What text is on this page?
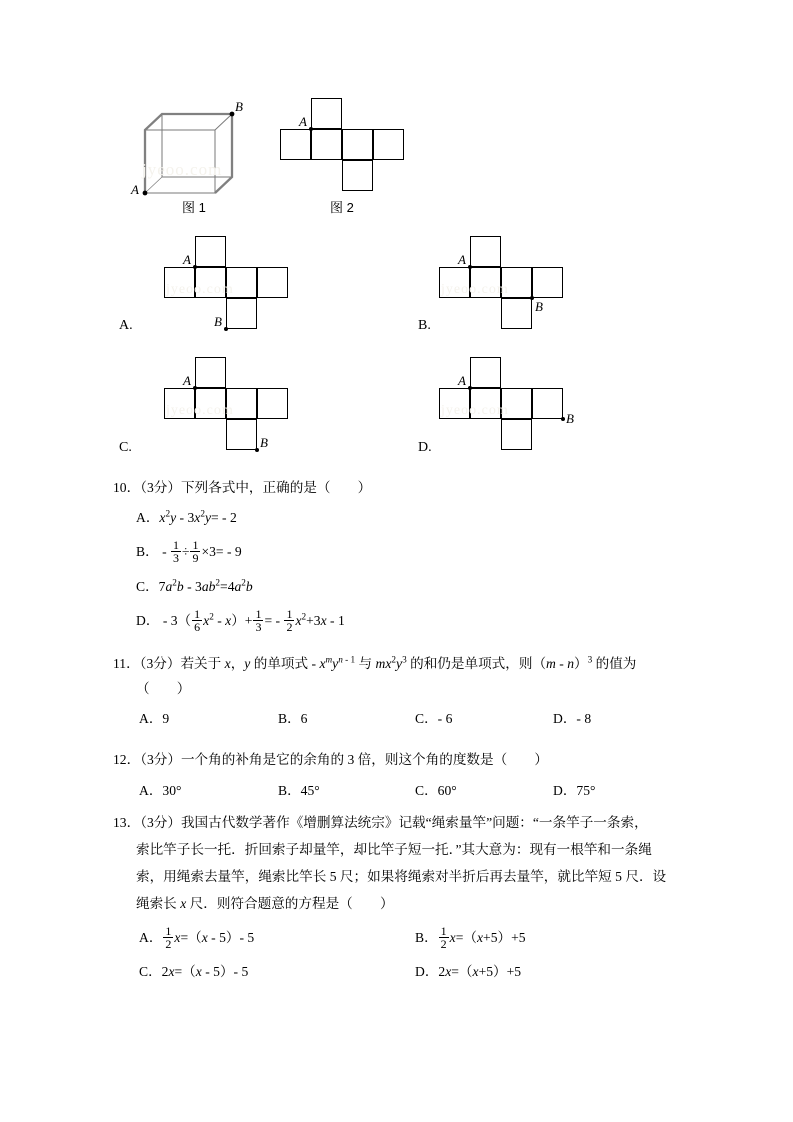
A
B
jyeoo.com
图 1
A
图 2
A.
A
B
jyeoo.com
B.
A
B
jyeoo.com
C.
A
B
jyeoo.com
D.
A
B
jyeoo.com
10．（3分）下列各式中，正确的是（　　）
A．$x^2y - 3x^2y= - 2$
B． - $\frac{1}{3} \div \frac{1}{9} \times 3= - 9$
C．$7a^2b - 3ab^2=4a^2b$
D． - $3( \frac{1}{6} x^2 - x)+ \frac{1}{3}$ = - $\frac{1}{2} x^2+3x - 1$
11．（3分）若关于 x，y 的单项式 - $x^my^{n - 1}$ 与 $mx^2y^3$ 的和仍是单项式，则（m - n）$^3$ 的值为
（　　）
A．9	B．6	C．- 6	D．- 8
12．（3分）一个角的补角是它的余角的 3 倍，则这个角的度数是（　　）
A．30°	B．45°	C．60°	D．75°
13．（3分）我国古代数学著作《增删算法统宗》记载“绳索量竿”问题：“一条竿子一条索，
索比竿子长一托．折回索子却量竿，却比竿子短一托．”其大意为：现有一根竿和一条绳
索，用绳索去量竿，绳索比竿长 5 尺；如果将绳索对半折后再去量竿，就比竿短 5 尺．设
绳索长 x 尺．则符合题意的方程是（　　）
A． $\frac{1}{2} x=(x - 5)-$ 5	B． $\frac{1}{2} x=(x+5)+5$
C．2x=（x - 5）- 5	D．2x=（x+5）+5
